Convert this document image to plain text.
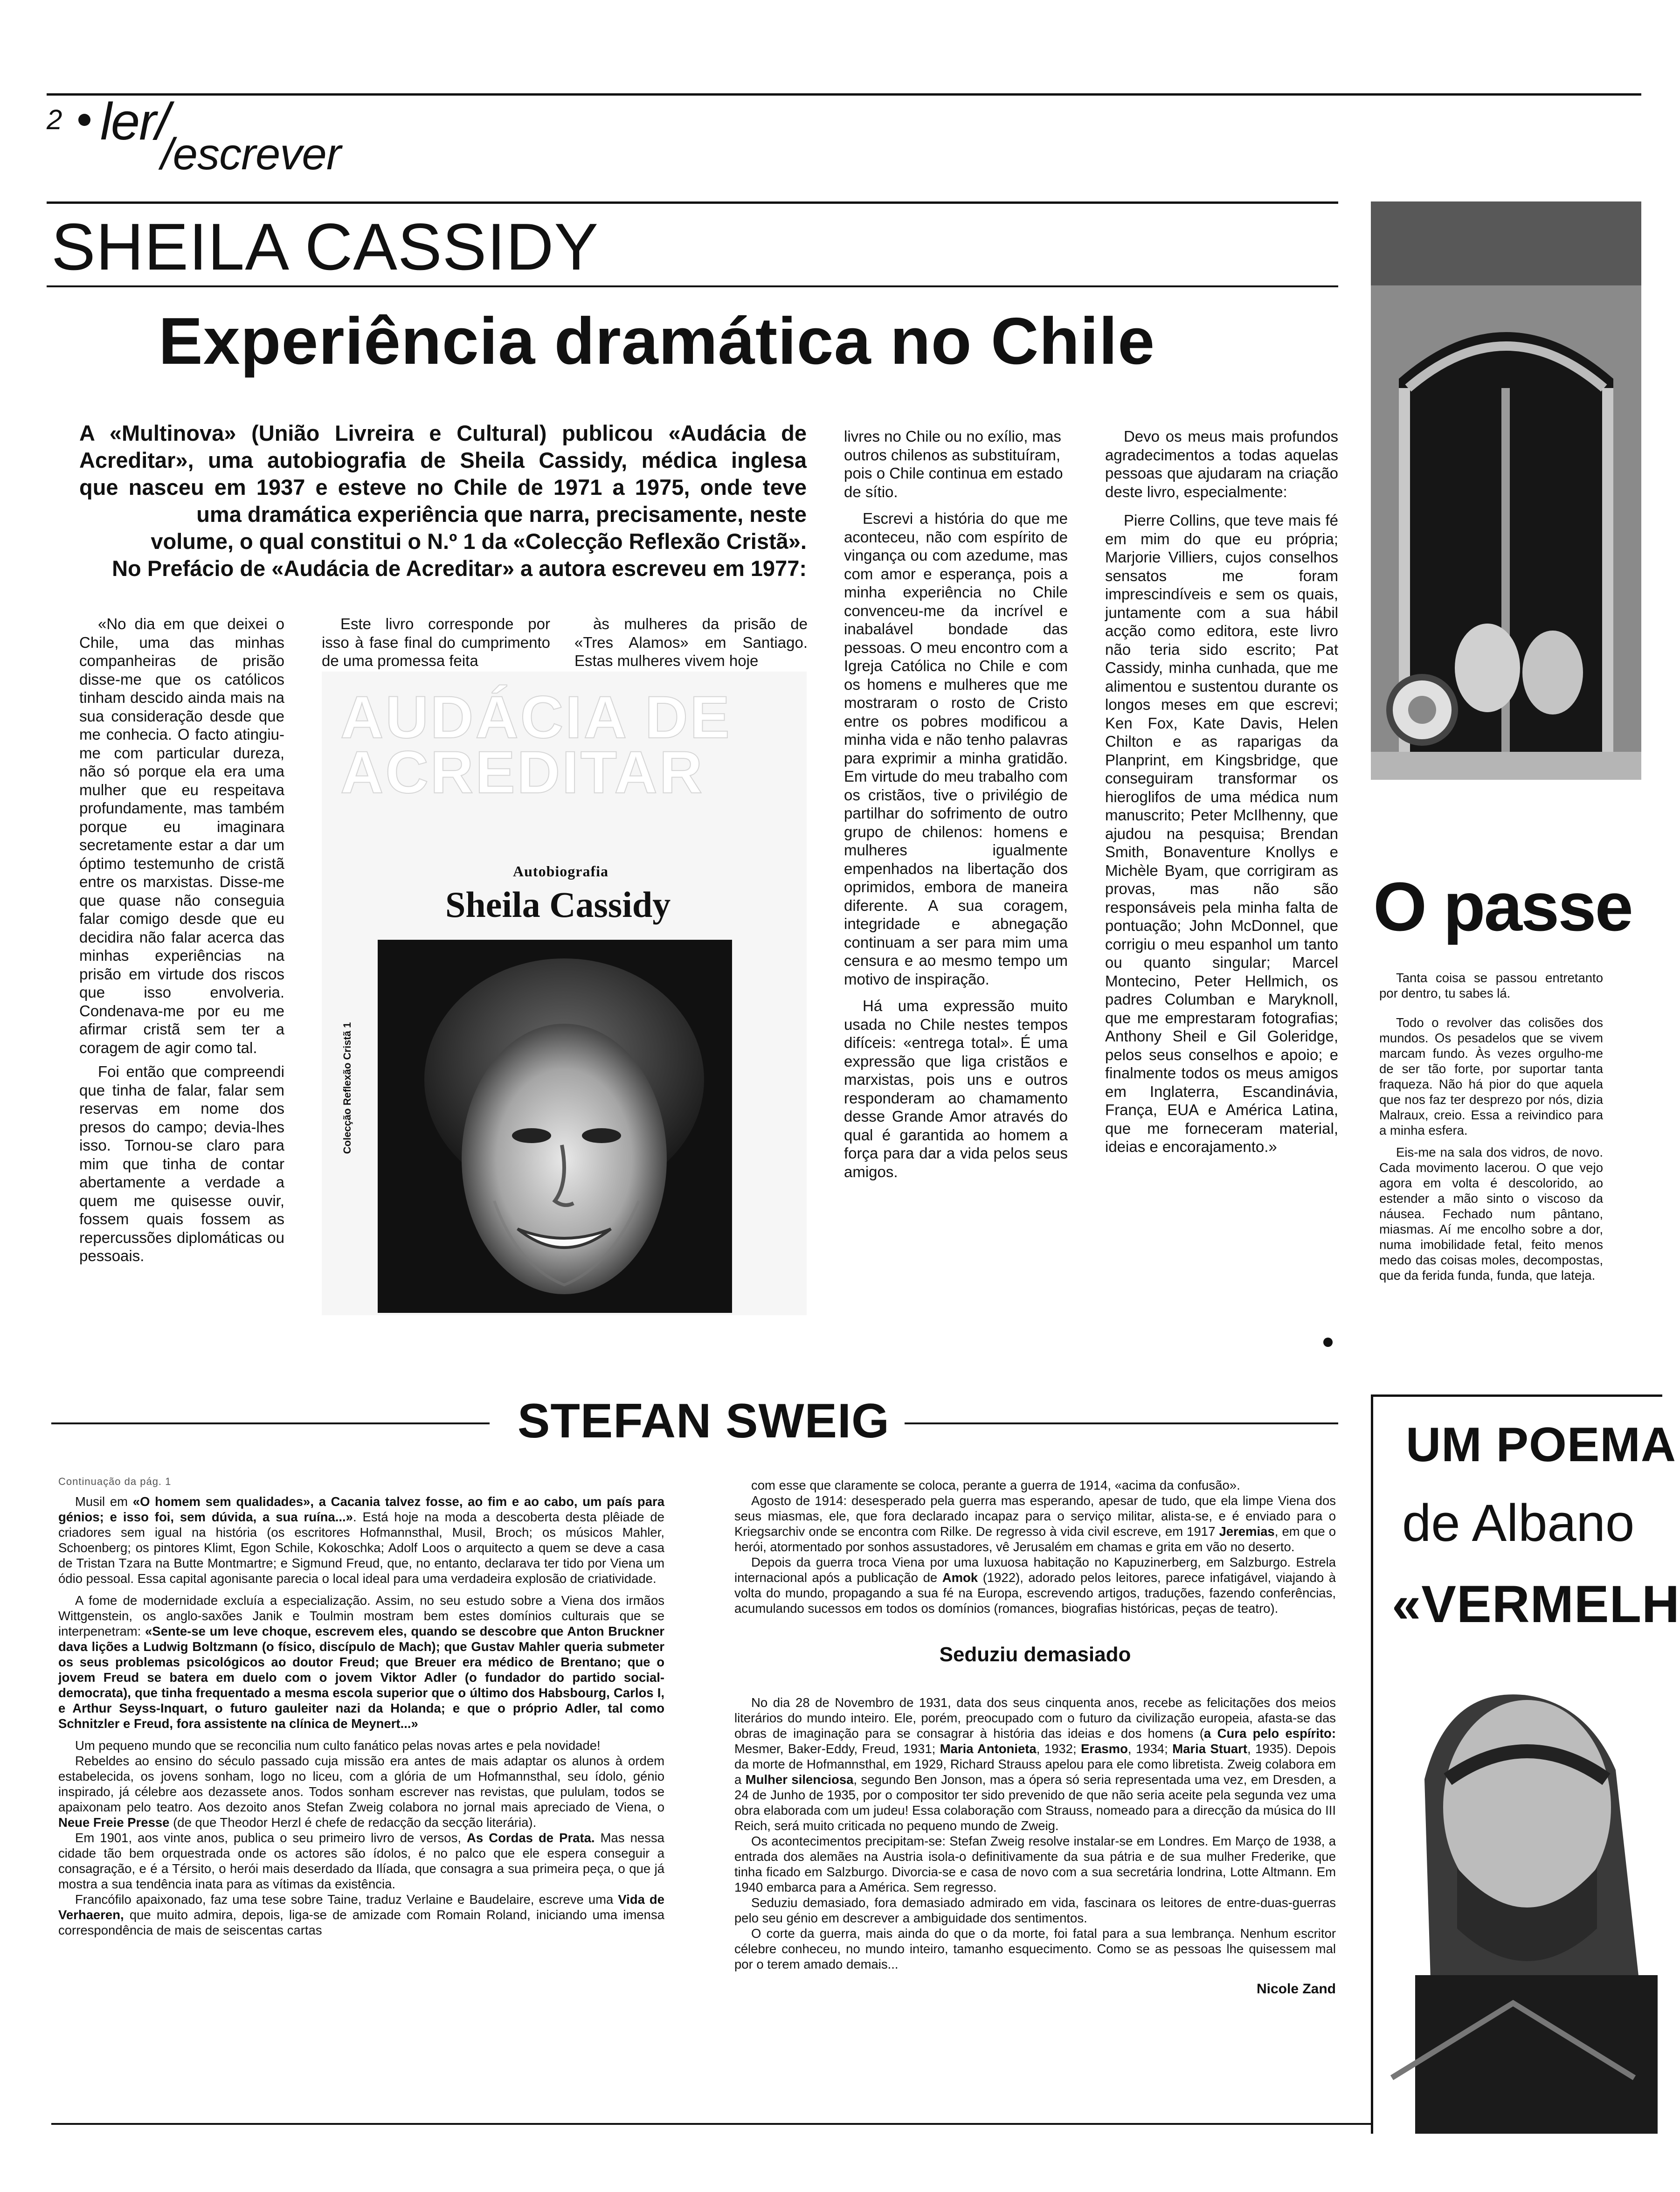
2 ler/
/escrever
SHEILA CASSIDY
Experiência dramática no Chile
A «Multinova» (União Livreira e Cultural) publicou «Audácia de
Acreditar», uma autobiografia de Sheila Cassidy, médica inglesa
que nasceu em 1937 e esteve no Chile de 1971 a 1975, onde teve
uma dramática experiência que narra, precisamente, neste
volume, o qual constitui o N.º 1 da «Colecção Reflexão Cristã».
No Prefácio de «Audácia de Acreditar» a autora escreveu em 1977:

«No dia em que deixei o Chile, uma das minhas companheiras de prisão disse-me que os católicos tinham descido ainda mais na sua consideração desde que me conhecia. O facto atingiu-me com particular dureza, não só porque ela era uma mulher que eu respeitava profundamente, mas também porque eu imaginara secretamente estar a dar um óptimo testemunho de cristã entre os marxistas. Disse-me que quase não conseguia falar comigo desde que eu decidira não falar acerca das minhas experiências na prisão em virtude dos riscos que isso envolveria. Condenava-me por eu me afirmar cristã sem ter a coragem de agir como tal.

Foi então que compreendi que tinha de falar, falar sem reservas em nome dos presos do campo; devia-lhes isso. Tornou-se claro para mim que tinha de contar abertamente a verdade a quem me quisesse ouvir, fossem quais fossem as repercussões diplomáticas ou pessoais.

Este livro corresponde por isso à fase final do cumprimento de uma promessa feita

às mulheres da prisão de «Tres Alamos» em Santiago. Estas mulheres vivem hoje

AUDÁCIA DE ACREDITAR
Autobiografia
Sheila Cassidy
Colecção Reflexão Cristã 1

livres no Chile ou no exílio, mas outros chilenos as substituíram, pois o Chile continua em estado de sítio.

Escrevi a história do que me aconteceu, não com espírito de vingança ou com azedume, mas com amor e esperança, pois a minha experiência no Chile convenceu-me da incrível e inabalável bondade das pessoas. O meu encontro com a Igreja Católica no Chile e com os homens e mulheres que me mostraram o rosto de Cristo entre os pobres modificou a minha vida e não tenho palavras para exprimir a minha gratidão. Em virtude do meu trabalho com os cristãos, tive o privilégio de partilhar do sofrimento de outro grupo de chilenos: homens e mulheres igualmente empenhados na libertação dos oprimidos, embora de maneira diferente. A sua coragem, integridade e abnegação continuam a ser para mim uma censura e ao mesmo tempo um motivo de inspiração.

Há uma expressão muito usada no Chile nestes tempos difíceis: «entrega total». É uma expressão que liga cristãos e marxistas, pois uns e outros responderam ao chamamento desse Grande Amor através do qual é garantida ao homem a força para dar a vida pelos seus amigos.

Devo os meus mais profundos agradecimentos a todas aquelas pessoas que ajudaram na criação deste livro, especialmente:

Pierre Collins, que teve mais fé em mim do que eu própria; Marjorie Villiers, cujos conselhos sensatos me foram imprescindíveis e sem os quais, juntamente com a sua hábil acção como editora, este livro não teria sido escrito; Pat Cassidy, minha cunhada, que me alimentou e sustentou durante os longos meses em que escrevi; Ken Fox, Kate Davis, Helen Chilton e as raparigas da Planprint, em Kingsbridge, que conseguiram transformar os hieroglifos de uma médica num manuscrito; Peter McIlhenny, que ajudou na pesquisa; Brendan Smith, Bonaventure Knollys e Michèle Byam, que corrigiram as provas, mas não são responsáveis pela minha falta de pontuação; John McDonnel, que corrigiu o meu espanhol um tanto ou quanto singular; Marcel Montecino, Peter Hellmich, os padres Columban e Maryknoll, que me emprestaram fotografias; Anthony Sheil e Gil Goleridge, pelos seus conselhos e apoio; e finalmente todos os meus amigos em Inglaterra, Escandinávia, França, EUA e América Latina, que me forneceram material, ideias e encorajamento.»

O passe

Tanta coisa se passou entretanto por dentro, tu sabes lá.

Todo o revolver das colisões dos mundos. Os pesadelos que se vivem marcam fundo. Às vezes orgulho-me de ser tão forte, por suportar tanta fraqueza. Não há pior do que aquela que nos faz ter desprezo por nós, dizia Malraux, creio. Essa a reivindico para a minha esfera.

Eis-me na sala dos vidros, de novo. Cada movimento lacerou. O que vejo agora em volta é descolorido, ao estender a mão sinto o viscoso da náusea. Fechado num pântano, miasmas. Aí me encolho sobre a dor, numa imobilidade fetal, feito menos medo das coisas moles, decompostas, que da ferida funda, funda, que lateja.

STEFAN SWEIG
Continuação da pág. 1

Musil em «O homem sem qualidades», a Cacania talvez fosse, ao fim e ao cabo, um país para génios; e isso foi, sem dúvida, a sua ruína...». Está hoje na moda a descoberta desta plêiade de criadores sem igual na história (os escritores Hofmannsthal, Musil, Broch; os músicos Mahler, Schoenberg; os pintores Klimt, Egon Schile, Kokoschka; Adolf Loos o arquitecto a quem se deve a casa de Tristan Tzara na Butte Montmartre; e Sigmund Freud, que, no entanto, declarava ter tido por Viena um ódio pessoal. Essa capital agonisante parecia o local ideal para uma verdadeira explosão de criatividade.

A fome de modernidade excluía a especialização. Assim, no seu estudo sobre a Viena dos irmãos Wittgenstein, os anglo-saxões Janik e Toulmin mostram bem estes domínios culturais que se interpenetram: «Sente-se um leve choque, escrevem eles, quando se descobre que Anton Bruckner dava lições a Ludwig Boltzmann (o físico, discípulo de Mach); que Gustav Mahler queria submeter os seus problemas psicológicos ao doutor Freud; que Breuer era médico de Brentano; que o jovem Freud se batera em duelo com o jovem Viktor Adler (o fundador do partido social-democrata), que tinha frequentado a mesma escola superior que o último dos Habsbourg, Carlos I, e Arthur Seyss-Inquart, o futuro gauleiter nazi da Holanda; e que o próprio Adler, tal como Schnitzler e Freud, fora assistente na clínica de Meynert...»

Um pequeno mundo que se reconcilia num culto fanático pelas novas artes e pela novidade!

Rebeldes ao ensino do século passado cuja missão era antes de mais adaptar os alunos à ordem estabelecida, os jovens sonham, logo no liceu, com a glória de um Hofmannsthal, seu ídolo, génio inspirado, já célebre aos dezassete anos. Todos sonham escrever nas revistas, que pululam, todos se apaixonam pelo teatro. Aos dezoito anos Stefan Zweig colabora no jornal mais apreciado de Viena, o Neue Freie Presse (de que Theodor Herzl é chefe de redacção da secção literária).

Em 1901, aos vinte anos, publica o seu primeiro livro de versos, As Cordas de Prata. Mas nessa cidade tão bem orquestrada onde os actores são ídolos, é no palco que ele espera conseguir a consagração, e é a Térsito, o herói mais deserdado da Ilíada, que consagra a sua primeira peça, o que já mostra a sua tendência inata para as vítimas da existência.

Francófilo apaixonado, faz uma tese sobre Taine, traduz Verlaine e Baudelaire, escreve uma Vida de Verhaeren, que muito admira, depois, liga-se de amizade com Romain Roland, iniciando uma imensa correspondência de mais de seiscentas cartas

com esse que claramente se coloca, perante a guerra de 1914, «acima da confusão».

Agosto de 1914: desesperado pela guerra mas esperando, apesar de tudo, que ela limpe Viena dos seus miasmas, ele, que fora declarado incapaz para o serviço militar, alista-se, e é enviado para o Kriegsarchiv onde se encontra com Rilke. De regresso à vida civil escreve, em 1917 Jeremias, em que o herói, atormentado por sonhos assustadores, vê Jerusalém em chamas e grita em vão no deserto.

Depois da guerra troca Viena por uma luxuosa habitação no Kapuzinerberg, em Salzburgo. Estrela internacional após a publicação de Amok (1922), adorado pelos leitores, parece infatigável, viajando à volta do mundo, propagando a sua fé na Europa, escrevendo artigos, traduções, fazendo conferências, acumulando sucessos em todos os domínios (romances, biografias históricas, peças de teatro).

Seduziu demasiado

No dia 28 de Novembro de 1931, data dos seus cinquenta anos, recebe as felicitações dos meios literários do mundo inteiro. Ele, porém, preocupado com o futuro da civilização europeia, afasta-se das obras de imaginação para se consagrar à história das ideias e dos homens (a Cura pelo espírito: Mesmer, Baker-Eddy, Freud, 1931; Maria Antonieta, 1932; Erasmo, 1934; Maria Stuart, 1935). Depois da morte de Hofmannsthal, em 1929, Richard Strauss apelou para ele como libretista. Zweig colabora em a Mulher silenciosa, segundo Ben Jonson, mas a ópera só seria representada uma vez, em Dresden, a 24 de Junho de 1935, por o compositor ter sido prevenido de que não seria aceite pela segunda vez uma obra elaborada com um judeu! Essa colaboração com Strauss, nomeado para a direcção da música do III Reich, será muito criticada no pequeno mundo de Zweig.

Os acontecimentos precipitam-se: Stefan Zweig resolve instalar-se em Londres. Em Março de 1938, a entrada dos alemães na Austria isola-o definitivamente da sua pátria e de sua mulher Frederike, que tinha ficado em Salzburgo. Divorcia-se e casa de novo com a sua secretária londrina, Lotte Altmann. Em 1940 embarca para a América. Sem regresso.

Seduziu demasiado, fora demasiado admirado em vida, fascinara os leitores de entre-duas-guerras pelo seu génio em descrever a ambiguidade dos sentimentos.

O corte da guerra, mais ainda do que o da morte, foi fatal para a sua lembrança. Nenhum escritor célebre conheceu, no mundo inteiro, tamanho esquecimento. Como se as pessoas lhe quisessem mal por o terem amado demais...

Nicole Zand
UM POEMA
de Albano
«VERMELH
